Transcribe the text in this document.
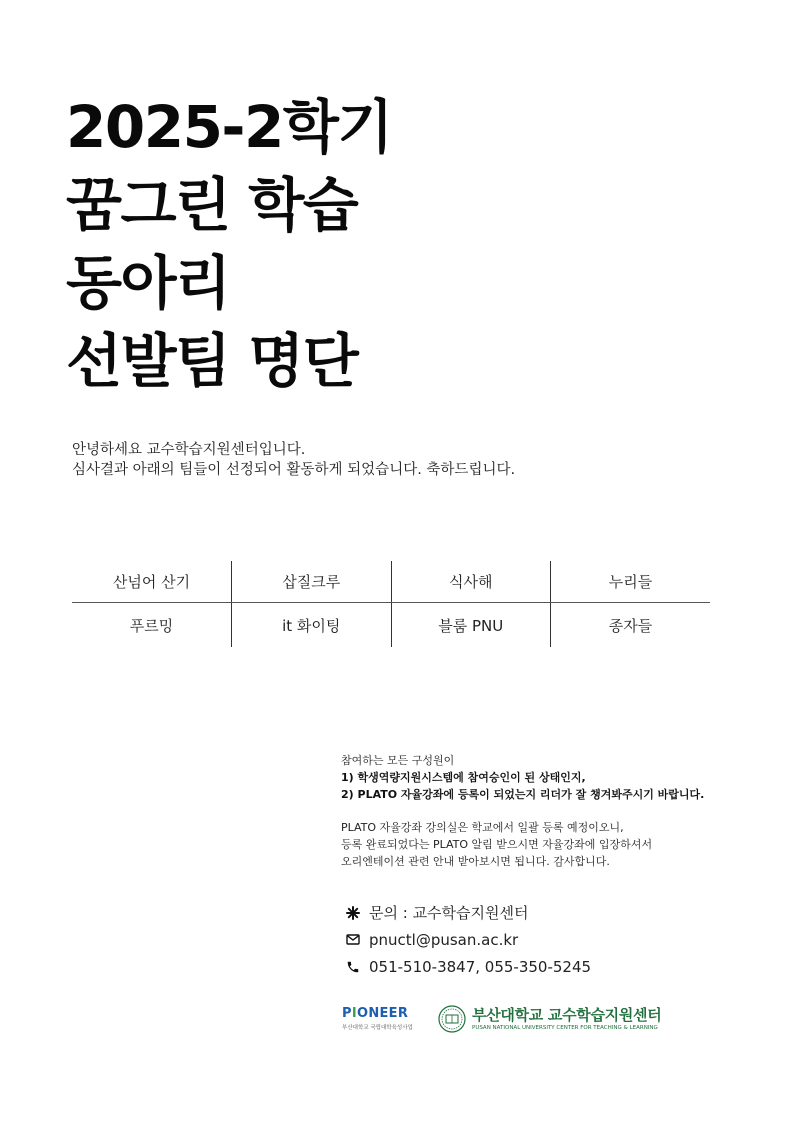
2025-2학기
꿈그린 학습
동아리
선발팀 명단
안녕하세요 교수학습지원센터입니다.
심사결과 아래의 팀들이 선정되어 활동하게 되었습니다. 축하드립니다.
산넘어 산기	삽질크루	식사해	누리들
푸르밍	it 화이팅	블룸 PNU	종자들
참여하는 모든 구성원이
1) 학생역량지원시스템에 참여승인이 된 상태인지,
2) PLATO 자율강좌에 등록이 되었는지 리더가 잘 챙겨봐주시기 바랍니다.
PLATO 자율강좌 강의실은 학교에서 일괄 등록 예정이오니,
등록 완료되었다는 PLATO 알림 받으시면 자율강좌에 입장하셔서
오리엔테이션 관련 안내 받아보시면 됩니다. 감사합니다.
문의 : 교수학습지원센터
pnuctl@pusan.ac.kr
051-510-3847, 055-350-5245
PIONEER
부산대학교 국립대학육성사업
부산대학교 교수학습지원센터
PUSAN NATIONAL UNIVERSITY CENTER FOR TEACHING & LEARNING
